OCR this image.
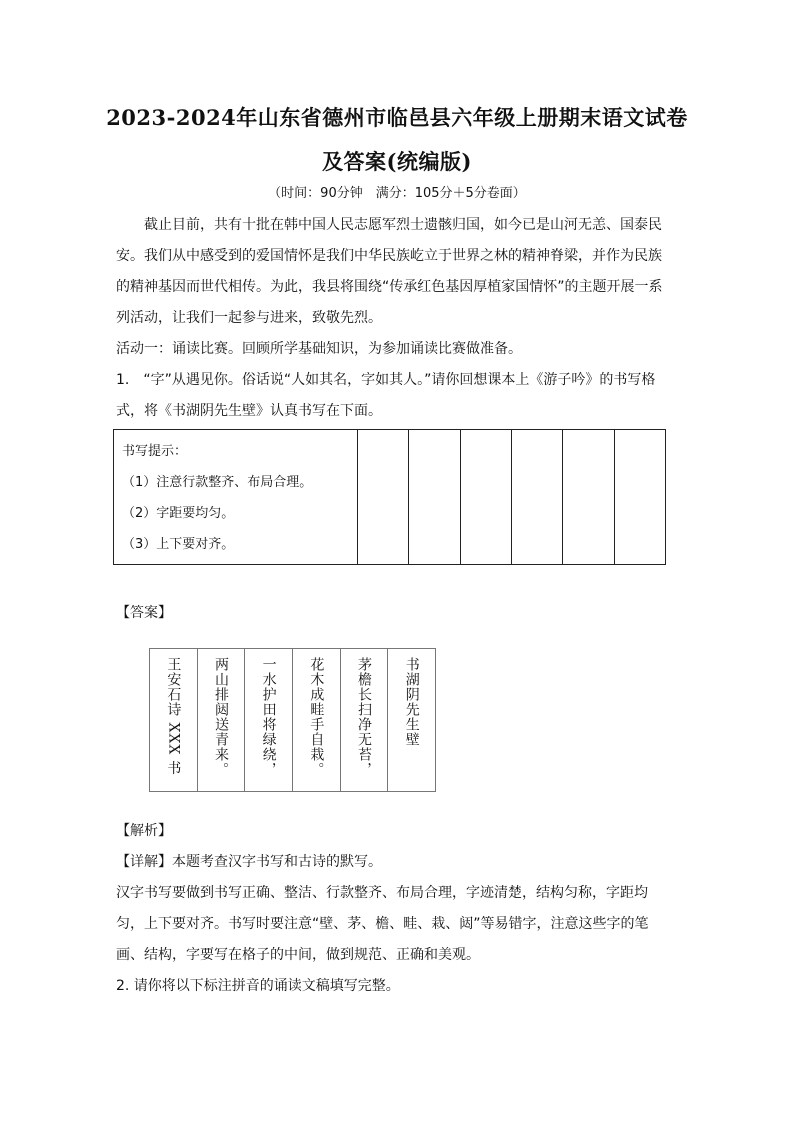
2023-2024年山东省德州市临邑县六年级上册期末语文试卷
及答案(统编版)
（时间：90分钟　满分：105分＋5分卷面）
截止目前，共有十批在韩中国人民志愿军烈士遗骸归国，如今已是山河无恙、国泰民安。我们从中感受到的爱国情怀是我们中华民族屹立于世界之林的精神脊梁，并作为民族的精神基因而世代相传。为此，我县将围绕“传承红色基因厚植家国情怀”的主题开展一系列活动，让我们一起参与进来，致敬先烈。
活动一：诵读比赛。回顾所学基础知识，为参加诵读比赛做准备。
1.　“字”从遇见你。俗话说“人如其名，字如其人。”请你回想课本上《游子吟》的书写格式，将《书湖阴先生壁》认真书写在下面。
书写提示：
（1）注意行款整齐、布局合理。
（2）字距要均匀。
（3）上下要对齐。

【答案】
王安石诗 XXX 书 两山排闼送青来。 一水护田将绿绕， 花木成畦手自栽。 茅檐长扫净无苔， 书湖阴先生壁
【解析】
【详解】本题考查汉字书写和古诗的默写。
汉字书写要做到书写正确、整洁、行款整齐、布局合理，字迹清楚，结构匀称，字距均匀，上下要对齐。书写时要注意“壁、茅、檐、畦、栽、闼”等易错字，注意这些字的笔画、结构，字要写在格子的中间，做到规范、正确和美观。
2. 请你将以下标注拼音的诵读文稿填写完整。
